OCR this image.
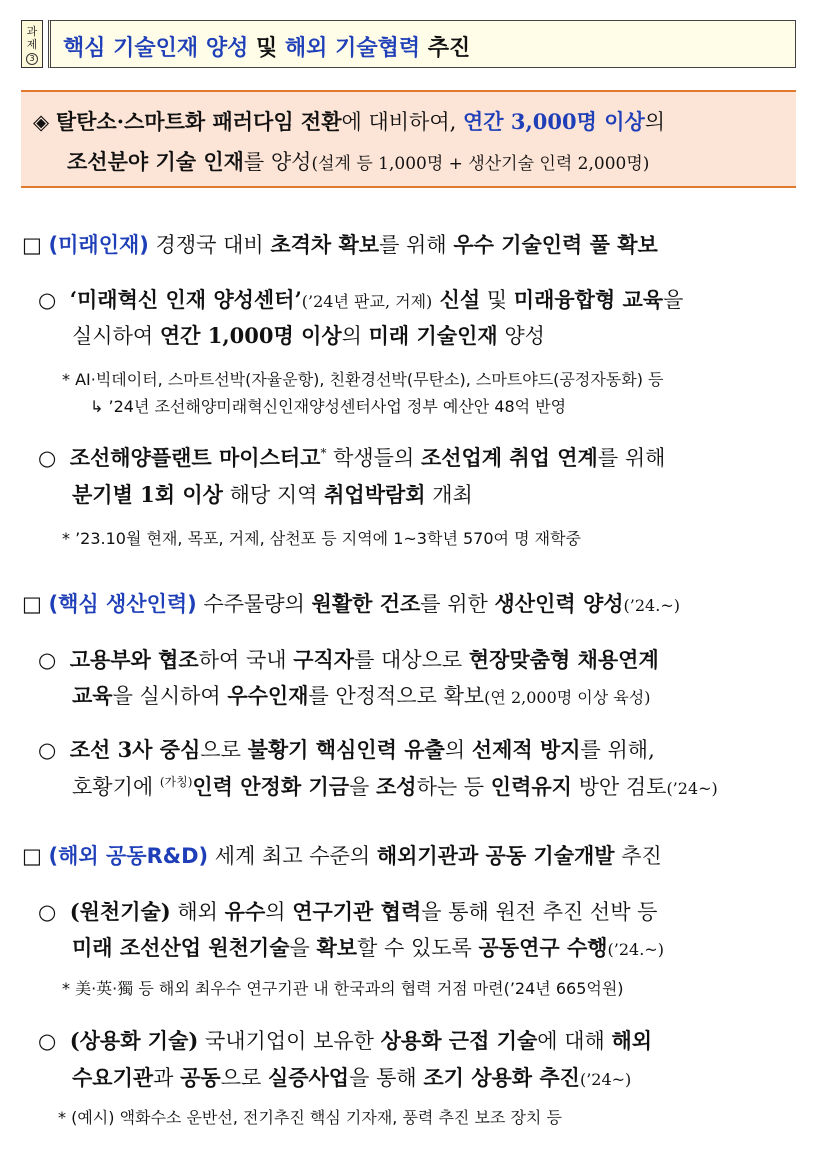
과
제
3	핵심 기술인재 양성 및 해외 기술협력 추진
◈ 탈탄소·스마트화 패러다임 전환에 대비하여, 연간 3,000명 이상의
조선분야 기술 인재를 양성(설계 등 1,000명 + 생산기술 인력 2,000명)
□ (미래인재) 경쟁국 대비 초격차 확보를 위해 우수 기술인력 풀 확보
○ ‘미래혁신 인재 양성센터’(’24년 판교, 거제) 신설 및 미래융합형 교육을
실시하여 연간 1,000명 이상의 미래 기술인재 양성
* AI·빅데이터, 스마트선박(자율운항), 친환경선박(무탄소), 스마트야드(공정자동화) 등
↳ ’24년 조선해양미래혁신인재양성센터사업 정부 예산안 48억 반영
○ 조선해양플랜트 마이스터고* 학생들의 조선업계 취업 연계를 위해
분기별 1회 이상 해당 지역 취업박람회 개최
* ’23.10월 현재, 목포, 거제, 삼천포 등 지역에 1~3학년 570여 명 재학중
□ (핵심 생산인력) 수주물량의 원활한 건조를 위한 생산인력 양성(’24.~)
○ 고용부와 협조하여 국내 구직자를 대상으로 현장맞춤형 채용연계
교육을 실시하여 우수인재를 안정적으로 확보(연 2,000명 이상 육성)
○ 조선 3사 중심으로 불황기 핵심인력 유출의 선제적 방지를 위해,
호황기에 $^{(가칭)}$인력 안정화 기금을 조성하는 등 인력유지 방안 검토(’24~)
□ (해외 공동R&D) 세계 최고 수준의 해외기관과 공동 기술개발 추진
○ (원천기술) 해외 유수의 연구기관 협력을 통해 원전 추진 선박 등
미래 조선산업 원천기술을 확보할 수 있도록 공동연구 수행(’24.~)
* 美·英·獨 등 해외 최우수 연구기관 내 한국과의 협력 거점 마련(’24년 665억원)
○ (상용화 기술) 국내기업이 보유한 상용화 근접 기술에 대해 해외
수요기관과 공동으로 실증사업을 통해 조기 상용화 추진(’24~)
* (예시) 액화수소 운반선, 전기추진 핵심 기자재, 풍력 추진 보조 장치 등
